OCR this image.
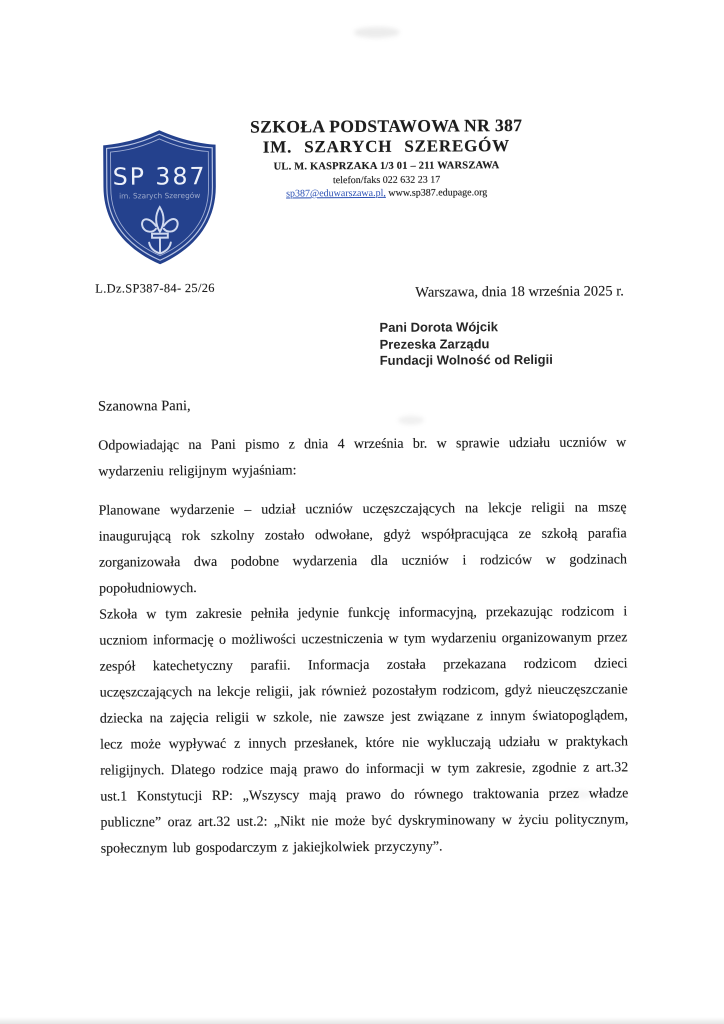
SP 387
im. Szarych Szeregów
SZKOŁA PODSTAWOWA NR 387
IM. SZARYCH SZEREGÓW
UL. M. KASPRZAKA 1/3 01 – 211 WARSZAWA
telefon/faks 022 632 23 17
sp387@eduwarszawa.pl, www.sp387.edupage.org
L.Dz.SP387-84- 25/26	Warszawa, dnia 18 września 2025 r.
Pani Dorota Wójcik
Prezeska Zarządu
Fundacji Wolność od Religii
Szanowna Pani,

Odpowiadając na Pani pismo z dnia 4 września br. w sprawie udziału uczniów w wydarzeniu religijnym wyjaśniam:

Planowane wydarzenie – udział uczniów uczęszczających na lekcje religii na mszę inaugurującą rok szkolny zostało odwołane, gdyż współpracująca ze szkołą parafia zorganizowała dwa podobne wydarzenia dla uczniów i rodziców w godzinach popołudniowych.

Szkoła w tym zakresie pełniła jedynie funkcję informacyjną, przekazując rodzicom i uczniom informację o możliwości uczestniczenia w tym wydarzeniu organizowanym przez zespół katechetyczny parafii. Informacja została przekazana rodzicom dzieci uczęszczających na lekcje religii, jak również pozostałym rodzicom, gdyż nieuczęszczanie dziecka na zajęcia religii w szkole, nie zawsze jest związane z innym światopoglądem, lecz może wypływać z innych przesłanek, które nie wykluczają udziału w praktykach religijnych. Dlatego rodzice mają prawo do informacji w tym zakresie, zgodnie z art.32 ust.1 Konstytucji RP: „Wszyscy mają prawo do równego traktowania przez władze publiczne” oraz art.32 ust.2: „Nikt nie może być dyskryminowany w życiu politycznym, społecznym lub gospodarczym z jakiejkolwiek przyczyny”.
